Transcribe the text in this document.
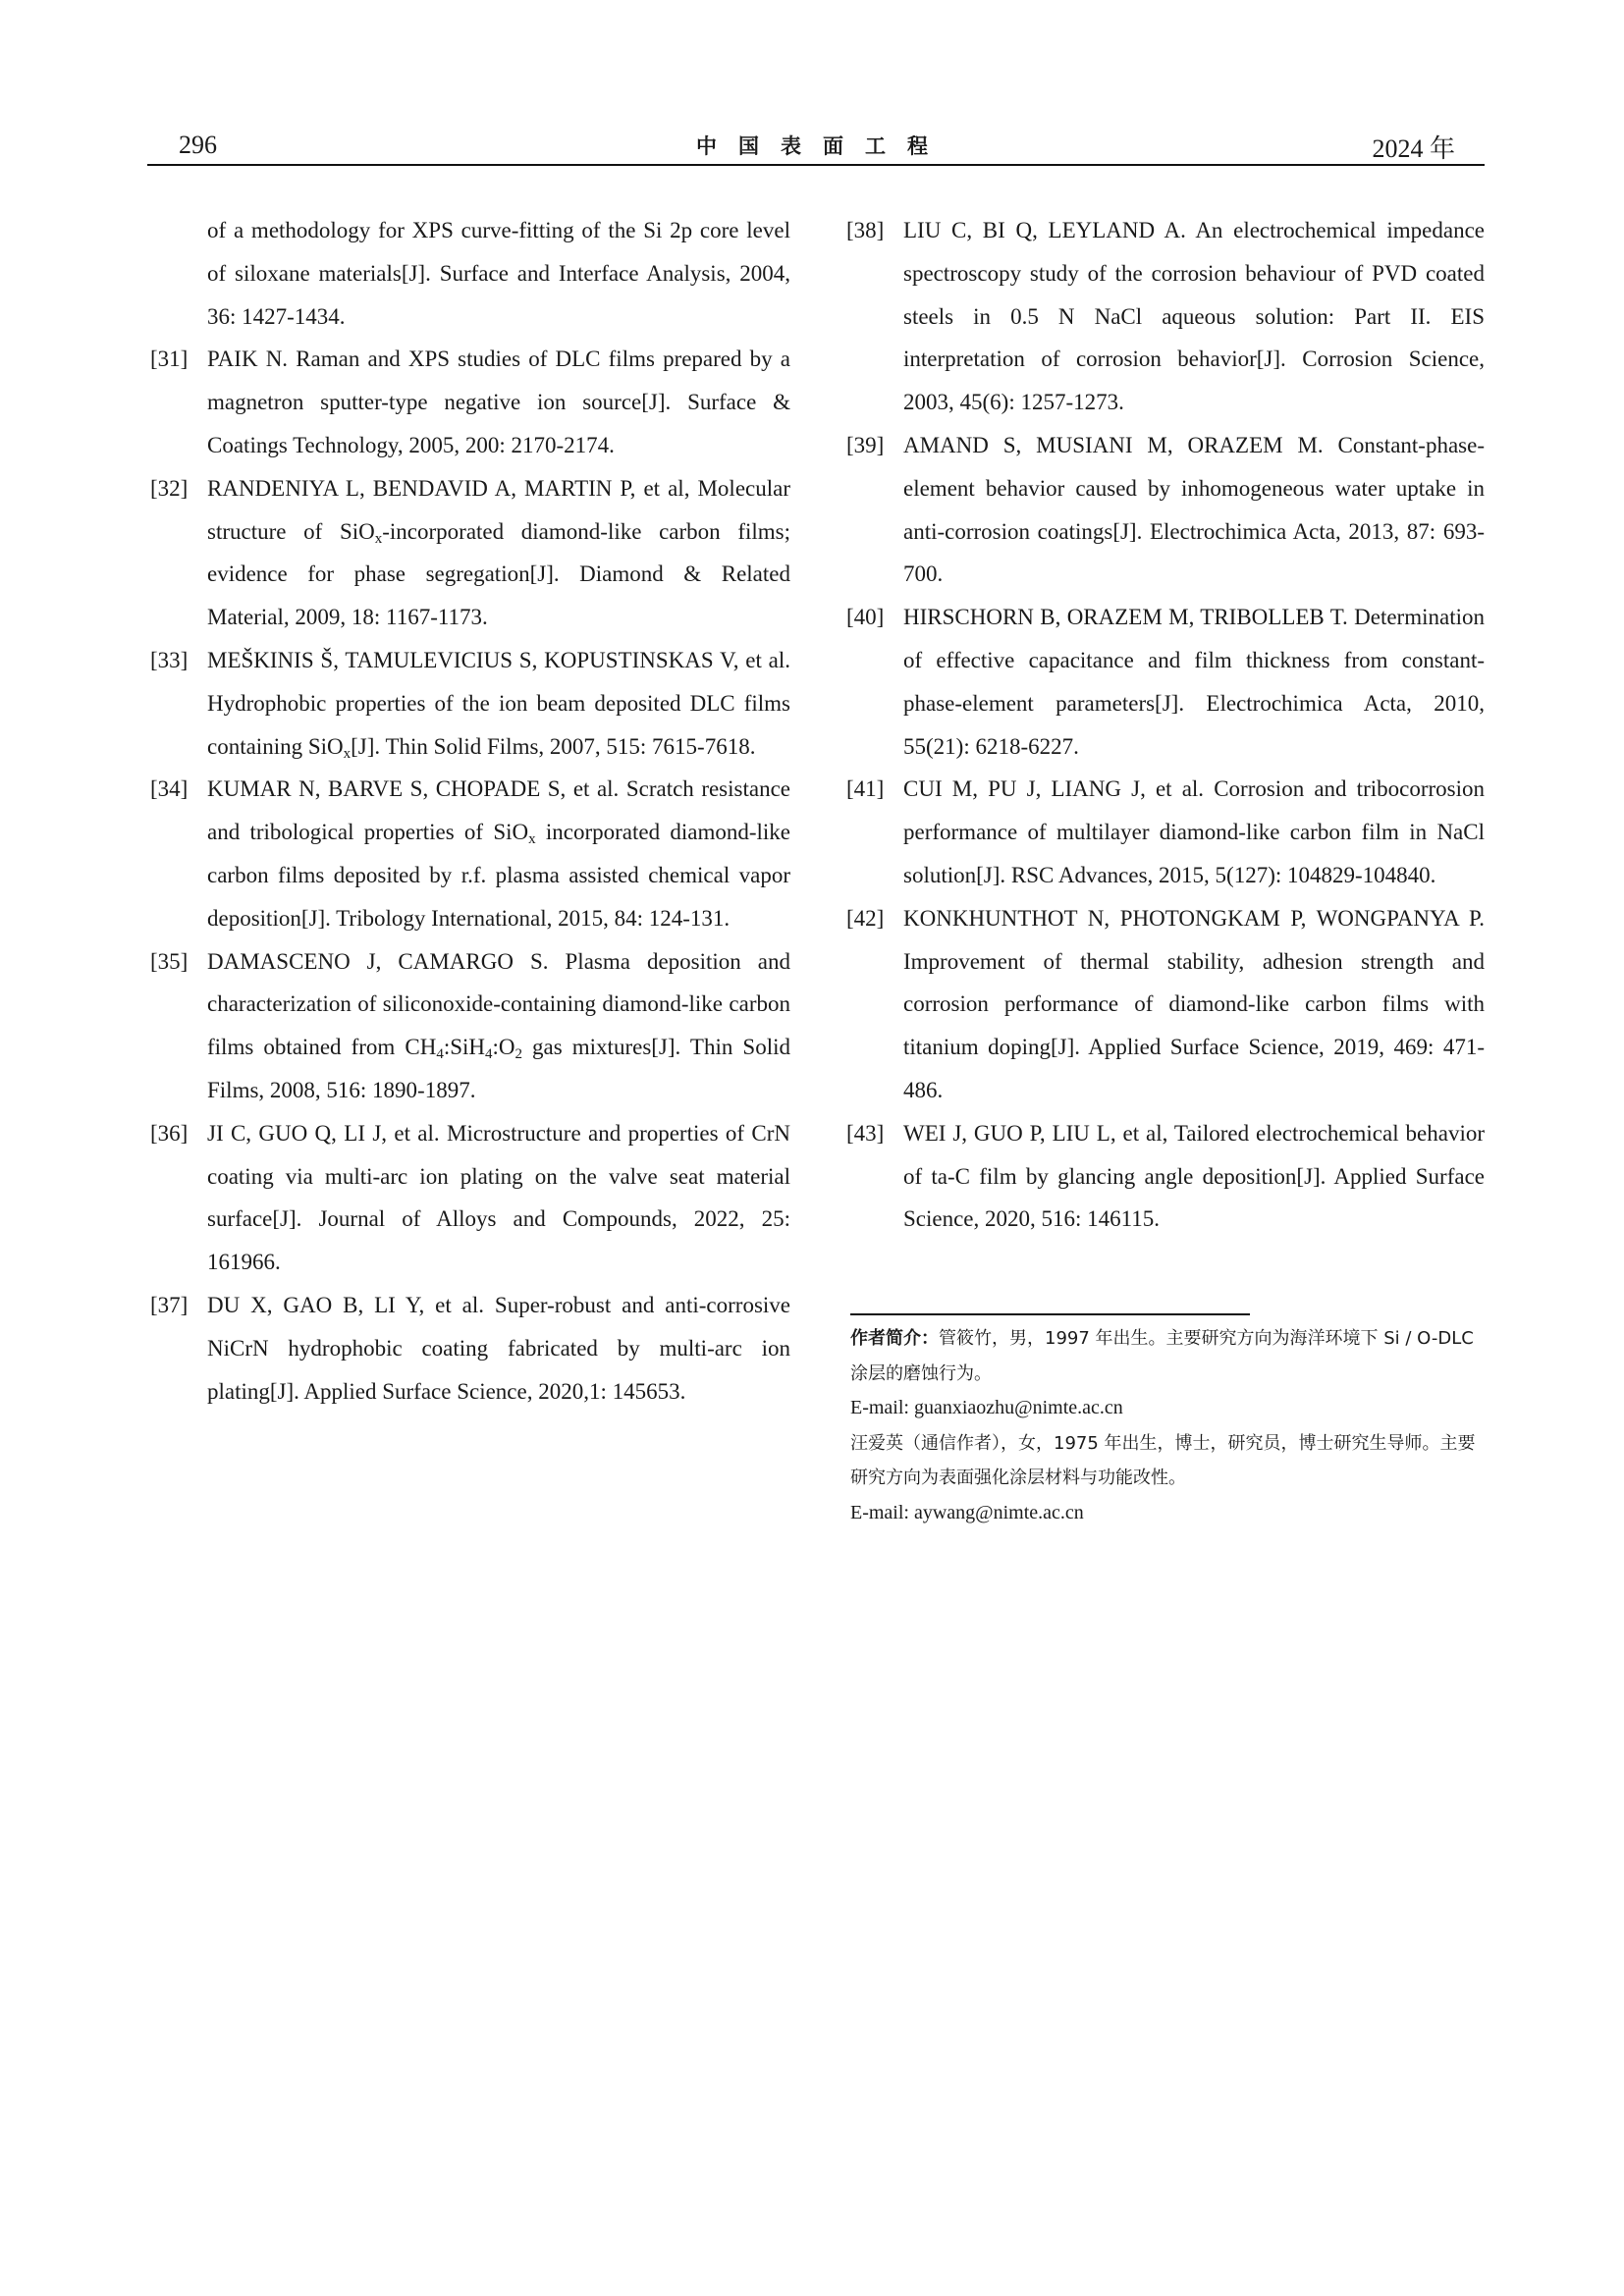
296	中国表面工程	2024 年
of a methodology for XPS curve-fitting of the Si 2p core level of siloxane materials[J]. Surface and Interface Analysis, 2004, 36: 1427-1434.
[31] PAIK N. Raman and XPS studies of DLC films prepared by a magnetron sputter-type negative ion source[J]. Surface & Coatings Technology, 2005, 200: 2170-2174.
[32] RANDENIYA L, BENDAVID A, MARTIN P, et al, Molecular structure of SiO$_x$-incorporated diamond-like carbon films; evidence for phase segregation[J]. Diamond & Related Material, 2009, 18: 1167-1173.
[33] MEŠKINIS Š, TAMULEVICIUS S, KOPUSTINSKAS V, et al. Hydrophobic properties of the ion beam deposited DLC films containing SiO$_x$[J]. Thin Solid Films, 2007, 515: 7615-7618.
[34] KUMAR N, BARVE S, CHOPADE S, et al. Scratch resistance and tribological properties of SiO$_x$ incorporated diamond-like carbon films deposited by r.f. plasma assisted chemical vapor deposition[J]. Tribology International, 2015, 84: 124-131.
[35] DAMASCENO J, CAMARGO S. Plasma deposition and characterization of siliconoxide-containing diamond-like carbon films obtained from $CH_4:SiH_4:O_2$ gas mixtures[J]. Thin Solid Films, 2008, 516: 1890-1897.
[36] JI C, GUO Q, LI J, et al. Microstructure and properties of CrN coating via multi-arc ion plating on the valve seat material surface[J]. Journal of Alloys and Compounds, 2022, 25: 161966.
[37] DU X, GAO B, LI Y, et al. Super-robust and anti-corrosive NiCrN hydrophobic coating fabricated by multi-arc ion plating[J]. Applied Surface Science, 2020,1: 145653.
[38] LIU C, BI Q, LEYLAND A. An electrochemical impedance spectroscopy study of the corrosion behaviour of PVD coated steels in 0.5 N NaCl aqueous solution: Part II. EIS interpretation of corrosion behavior[J]. Corrosion Science, 2003, 45(6): 1257-1273.
[39] AMAND S, MUSIANI M, ORAZEM M. Constant-phase-element behavior caused by inhomogeneous water uptake in anti-corrosion coatings[J]. Electrochimica Acta, 2013, 87: 693-700.
[40] HIRSCHORN B, ORAZEM M, TRIBOLLEB T. Determination of effective capacitance and film thickness from constant-phase-element parameters[J]. Electrochimica Acta, 2010, 55(21): 6218-6227.
[41] CUI M, PU J, LIANG J, et al. Corrosion and tribocorrosion performance of multilayer diamond-like carbon film in NaCl solution[J]. RSC Advances, 2015, 5(127): 104829-104840.
[42] KONKHUNTHOT N, PHOTONGKAM P, WONGPANYA P. Improvement of thermal stability, adhesion strength and corrosion performance of diamond-like carbon films with titanium doping[J]. Applied Surface Science, 2019, 469: 471-486.
[43] WEI J, GUO P, LIU L, et al, Tailored electrochemical behavior of ta-C film by glancing angle deposition[J]. Applied Surface Science, 2020, 516: 146115.
作者简介：管筱竹，男，1997 年出生。主要研究方向为海洋环境下 Si / O-DLC 涂层的磨蚀行为。
E-mail: guanxiaozhu@nimte.ac.cn
汪爱英（通信作者），女，1975 年出生，博士，研究员，博士研究生导师。主要研究方向为表面强化涂层材料与功能改性。
E-mail: aywang@nimte.ac.cn
